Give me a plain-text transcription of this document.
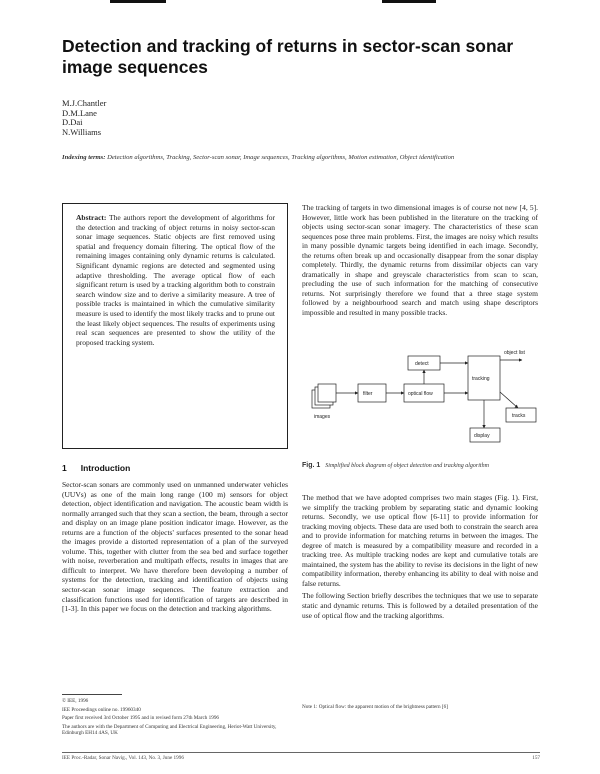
Detection and tracking of returns in sector-scan sonar image sequences
M.J.Chantler
D.M.Lane
D.Dai
N.Williams
Indexing terms: Detection algorithms, Tracking, Sector-scan sonar, Image sequences, Tracking algorithms, Motion estimation, Object identification

Abstract: The authors report the development of algorithms for the detection and tracking of object returns in noisy sector-scan sonar image sequences. Static objects are first removed using spatial and frequency domain filtering. The optical flow of the remaining images containing only dynamic returns is calculated. Significant dynamic regions are detected and segmented using adaptive thresholding. The average optical flow of each significant return is used by a tracking algorithm both to constrain search window size and to derive a similarity measure. A tree of possible tracks is maintained in which the cumulative similarity measure is used to identify the most likely tracks and to prune out the least likely object sequences. The results of experiments using real scan sequences are presented to show the utility of the proposed tracking system.

1 Introduction

Sector-scan sonars are commonly used on unmanned underwater vehicles (UUVs) as one of the main long range (100 m) sensors for object detection, object identification and navigation. The acoustic beam width is normally arranged such that they scan a section, the beam, through a sector and display on an image plane position indicator image. However, as the returns are a function of the objects' surfaces presented to the sonar head the images provide a distorted representation of a plan of the surveyed volume. This, together with clutter from the sea bed and surface together with noise, reverberation and multipath effects, results in images that are difficult to interpret. We have therefore been developing a number of systems for the detection, tracking and identification of objects using sector-scan sonar image sequences. The feature extraction and classification functions used for identification of targets are described in [1-3]. In this paper we focus on the detection and tracking algorithms.

© IEE, 1996

IEE Proceedings online no. 19960340

Paper first received 3rd October 1995 and in revised form 27th March 1996

The authors are with the Department of Computing and Electrical Engineering, Heriot-Watt University, Edinburgh EH14 4AS, UK

The tracking of targets in two dimensional images is of course not new [4, 5]. However, little work has been published in the literature on the tracking of objects using sector-scan sonar imagery. The characteristics of these scan sequences pose three main problems. First, the images are noisy which results in many possible dynamic targets being identified in each image. Secondly, the returns often break up and occasionally disappear from the sonar display completely. Thirdly, the dynamic returns from dissimilar objects can vary dramatically in shape and greyscale characteristics from scan to scan, precluding the use of such information for the matching of consecutive returns. Not surprisingly therefore we found that a three stage system followed by a neighbourhood search and match using shape descriptors impossible and resulted in many possible tracks.

images
filter	optical flow
detect
tracking
object list
tracks
display
Fig. 1 Simplified block diagram of object detection and tracking algorithm

The method that we have adopted comprises two main stages (Fig. 1). First, we simplify the tracking problem by separating static and dynamic looking returns. Secondly, we use optical flow [6-11] to provide information for tracking moving objects. These data are used both to constrain the search area and to provide information for matching returns in between the images. The degree of match is measured by a compatibility measure and recorded in a tracking tree. As multiple tracking nodes are kept and cumulative totals are maintained, the system has the ability to revise its decisions in the light of new compatibility information, thereby enhancing its ability to deal with noise and false returns.

The following Section briefly describes the techniques that we use to separate static and dynamic returns. This is followed by a detailed presentation of the use of optical flow and the tracking algorithms.

Note 1: Optical flow: the apparent motion of the brightness pattern [6]
IEE Proc.-Radar, Sonar Navig., Vol. 143, No. 3, June 1996	157
